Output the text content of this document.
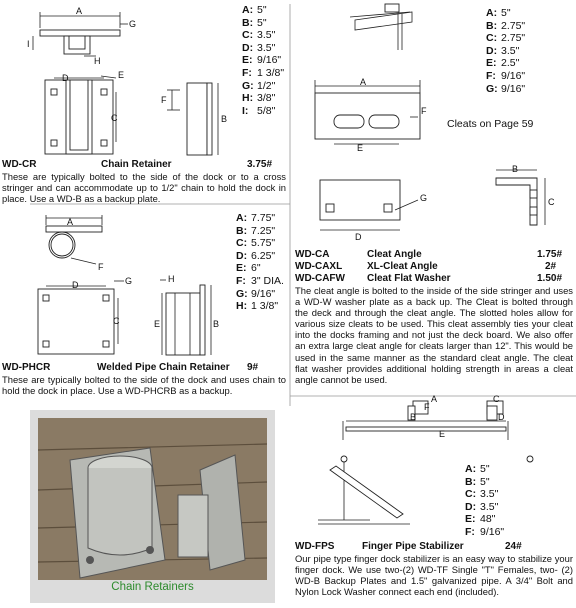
A
G
I
H
D	E
C
F
B
A
F
D	G
C
H
E	B
A
F
E
D
G
B
C
A
B
C
D
E
F
A: 5"
B: 5"
C: 3.5"
D: 3.5"
E: 9/16"
F: 1 3/8"
G: 1/2"
H: 3/8"
I: 5/8"
WD-CR	Chain Retainer	3.75#
These are typically bolted to the side of the dock or to a cross stringer and can accommodate up to 1/2" chain to hold the dock in place. Use a WD-B as a backup plate.
A: 7.75"
B: 7.25"
C: 5.75"
D: 6.25"
E: 6"
F: 3" DIA.
G: 9/16"
H: 1 3/8"
WD-PHCR	Welded Pipe Chain Retainer 9#
These are typically bolted to the side of the dock and uses chain to hold the dock in place. Use a WD-PHCRB as a backup.
Chain Retainers
A: 5"
B: 2.75"
C: 2.75"
D: 3.5"
E: 2.5"
F: 9/16"
G: 9/16"
Cleats on Page 59
WD-CA	Cleat Angle	1.75#
WD-CAXL XL-Cleat Angle	2#
WD-CAFW Cleat Flat Washer	1.50#
The cleat angle is bolted to the inside of the side stringer and uses a WD-W washer plate as a back up. The Cleat is bolted through the deck and through the cleat angle. The slotted holes allow for various size cleats to be used. This cleat assembly ties your cleat into the docks framing and not just the deck board. We also offer an extra large cleat angle for cleats larger than 12". This would be used in the same manner as the standard cleat angle. The cleat flat washer provides additional holding strength in areas a cleat angle cannot be used.
A: 5"
B: 5"
C: 3.5"
D: 3.5"
E: 48"
F: 9/16"
WD-FPS	Finger Pipe Stabilizer	24#
Our pipe type finger dock stabilizer is an easy way to stabilize your finger dock. We use two-(2) WD-TF Single "T" Females, two- (2) WD-B Backup Plates and 1.5" galvanized pipe. A 3/4" Bolt and Nylon Lock Washer connect each end (included).
